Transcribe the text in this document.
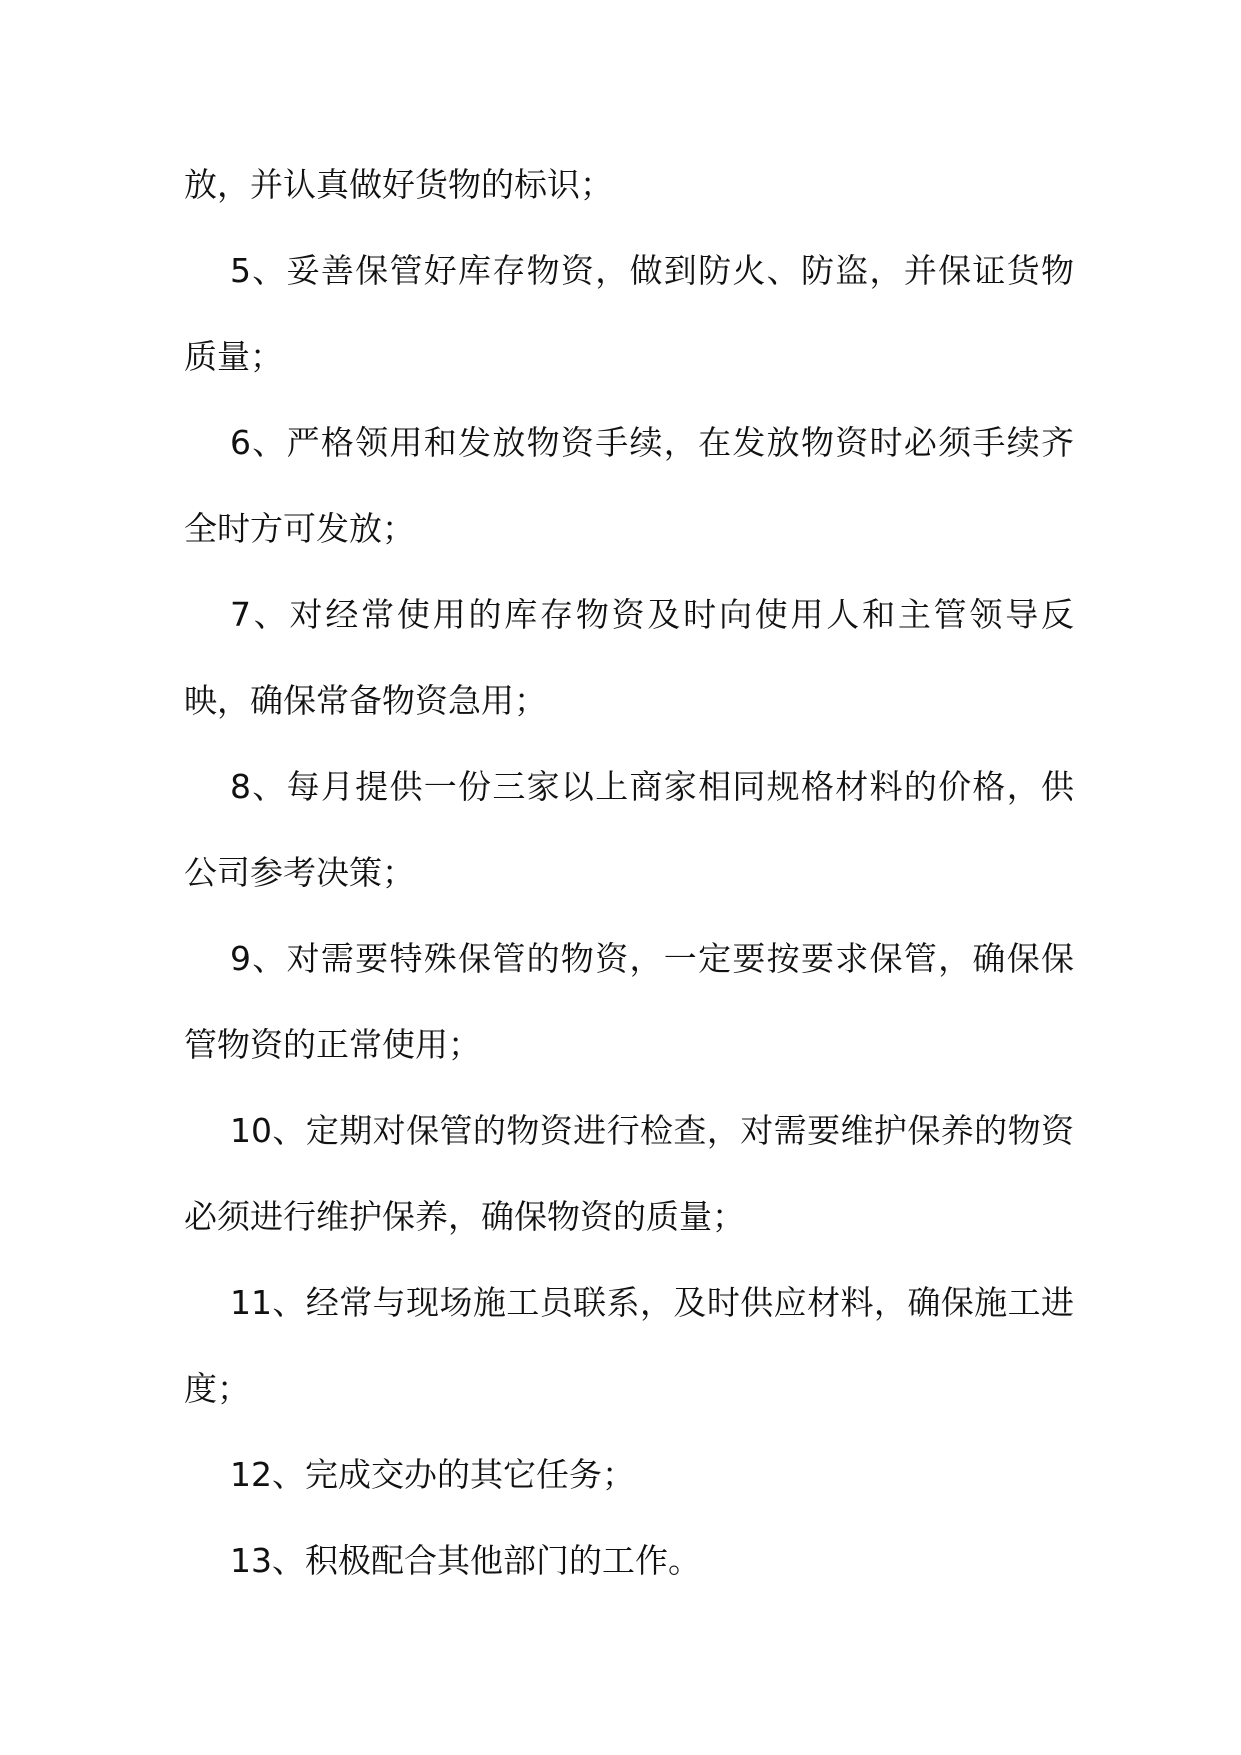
放，并认真做好货物的标识；

5、妥善保管好库存物资，做到防火、防盗，并保证货物质量；

6、严格领用和发放物资手续，在发放物资时必须手续齐全时方可发放；

7、对经常使用的库存物资及时向使用人和主管领导反映，确保常备物资急用；

8、每月提供一份三家以上商家相同规格材料的价格，供公司参考决策；

9、对需要特殊保管的物资，一定要按要求保管，确保保管物资的正常使用；

10、定期对保管的物资进行检查，对需要维护保养的物资必须进行维护保养，确保物资的质量；

11、经常与现场施工员联系，及时供应材料，确保施工进度；

12、完成交办的其它任务；

13、积极配合其他部门的工作。
